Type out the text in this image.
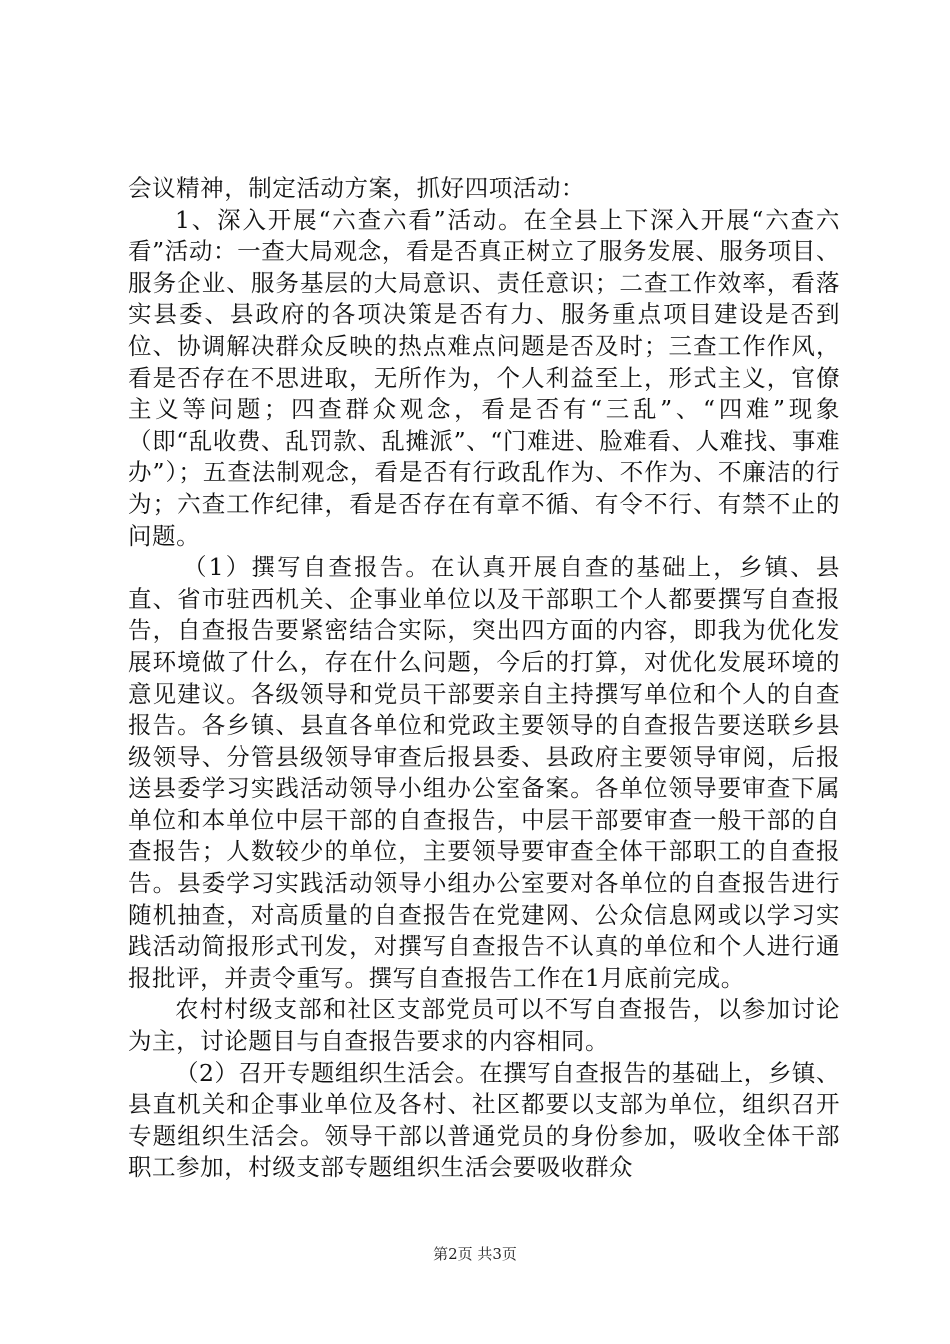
会议精神，制定活动方案，抓好四项活动：

1、深入开展“六查六看”活动。在全县上下深入开展“六查六看”活动：一查大局观念，看是否真正树立了服务发展、服务项目、服务企业、服务基层的大局意识、责任意识；二查工作效率，看落实县委、县政府的各项决策是否有力、服务重点项目建设是否到位、协调解决群众反映的热点难点问题是否及时；三查工作作风，看是否存在不思进取，无所作为，个人利益至上，形式主义，官僚主义等问题；四查群众观念，看是否有“三乱”、“四难”现象（即“乱收费、乱罚款、乱摊派”、“门难进、脸难看、人难找、事难办”）；五查法制观念，看是否有行政乱作为、不作为、不廉洁的行为；六查工作纪律，看是否存在有章不循、有令不行、有禁不止的问题。

（1）撰写自查报告。在认真开展自查的基础上，乡镇、县直、省市驻西机关、企事业单位以及干部职工个人都要撰写自查报告，自查报告要紧密结合实际，突出四方面的内容，即我为优化发展环境做了什么，存在什么问题，今后的打算，对优化发展环境的意见建议。各级领导和党员干部要亲自主持撰写单位和个人的自查报告。各乡镇、县直各单位和党政主要领导的自查报告要送联乡县级领导、分管县级领导审查后报县委、县政府主要领导审阅，后报送县委学习实践活动领导小组办公室备案。各单位领导要审查下属单位和本单位中层干部的自查报告，中层干部要审查一般干部的自查报告；人数较少的单位，主要领导要审查全体干部职工的自查报告。县委学习实践活动领导小组办公室要对各单位的自查报告进行随机抽查，对高质量的自查报告在党建网、公众信息网或以学习实践活动简报形式刊发，对撰写自查报告不认真的单位和个人进行通报批评，并责令重写。撰写自查报告工作在1月底前完成。

农村村级支部和社区支部党员可以不写自查报告，以参加讨论为主，讨论题目与自查报告要求的内容相同。

（2）召开专题组织生活会。在撰写自查报告的基础上，乡镇、县直机关和企事业单位及各村、社区都要以支部为单位，组织召开专题组织生活会。领导干部以普通党员的身份参加，吸收全体干部职工参加，村级支部专题组织生活会要吸收群众

第2页 共3页
